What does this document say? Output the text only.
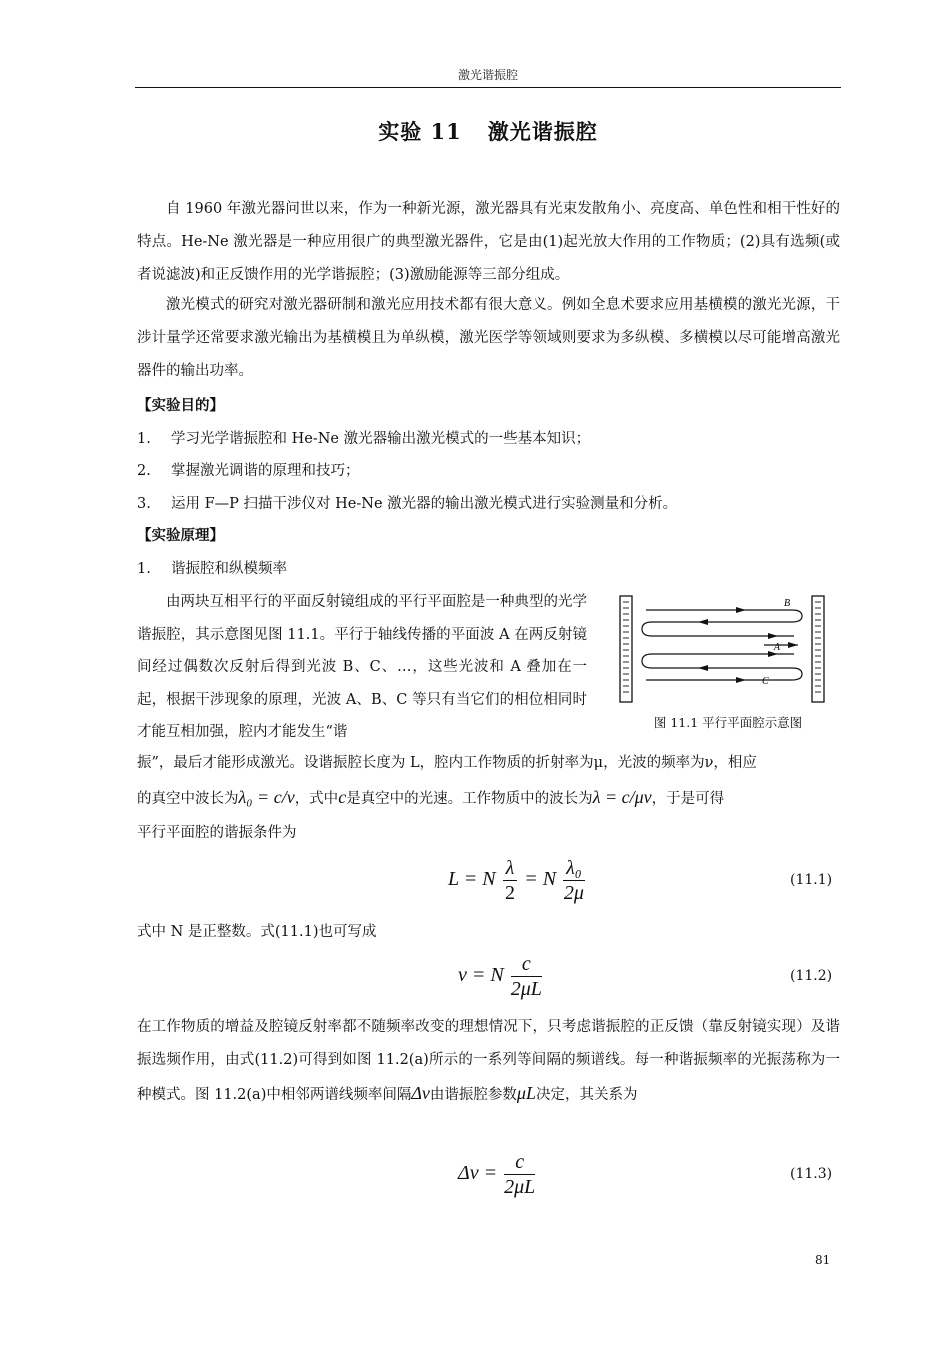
激光谐振腔
实验 11 激光谐振腔
自 1960 年激光器问世以来，作为一种新光源，激光器具有光束发散角小、亮度高、单色性和相干性好的特点。He-Ne 激光器是一种应用很广的典型激光器件，它是由(1)起光放大作用的工作物质；(2)具有选频(或者说滤波)和正反馈作用的光学谐振腔；(3)激励能源等三部分组成。
激光模式的研究对激光器研制和激光应用技术都有很大意义。例如全息术要求应用基横模的激光光源，干涉计量学还常要求激光输出为基横模且为单纵模，激光医学等领域则要求为多纵模、多横模以尽可能增高激光器件的输出功率。
【实验目的】
1. 学习光学谐振腔和 He-Ne 激光器输出激光模式的一些基本知识；
2. 掌握激光调谐的原理和技巧；
3. 运用 F—P 扫描干涉仪对 He-Ne 激光器的输出激光模式进行实验测量和分析。
【实验原理】
1. 谐振腔和纵模频率
由两块互相平行的平面反射镜组成的平行平面腔是一种典型的光学谐振腔，其示意图见图 11.1。平行于轴线传播的平面波 A 在两反射镜间经过偶数次反射后得到光波 B、C、…，这些光波和 A 叠加在一起，根据干涉现象的原理，光波 A、B、C 等只有当它们的相位相同时才能互相加强，腔内才能发生“谐
B
A
C
图 11.1 平行平面腔示意图
振”，最后才能形成激光。设谐振腔长度为 L，腔内工作物质的折射率为μ，光波的频率为ν，相应
的真空中波长为λ₀ = c/ν，式中c是真空中的光速。工作物质中的波长为λ = c/μν，于是可得
平行平面腔的谐振条件为
L = N $\frac{\lambda}{2} = N \frac{\text{λ₀}}{2\mu}$	(11.1)
式中 N 是正整数。式(11.1)也可写成
ν = N $\frac{c}{2\mu L}$	(11.2)
在工作物质的增益及腔镜反射率都不随频率改变的理想情况下，只考虑谐振腔的正反馈（靠反射镜实现）及谐振选频作用，由式(11.2)可得到如图 11.2(a)所示的一系列等间隔的频谱线。每一种谐振频率的光振荡称为一种模式。图 11.2(a)中相邻两谱线频率间隔Δν由谐振腔参数μL决定，其关系为
$\Delta\nu = \frac{c}{2\mu L}$	(11.3)
81
